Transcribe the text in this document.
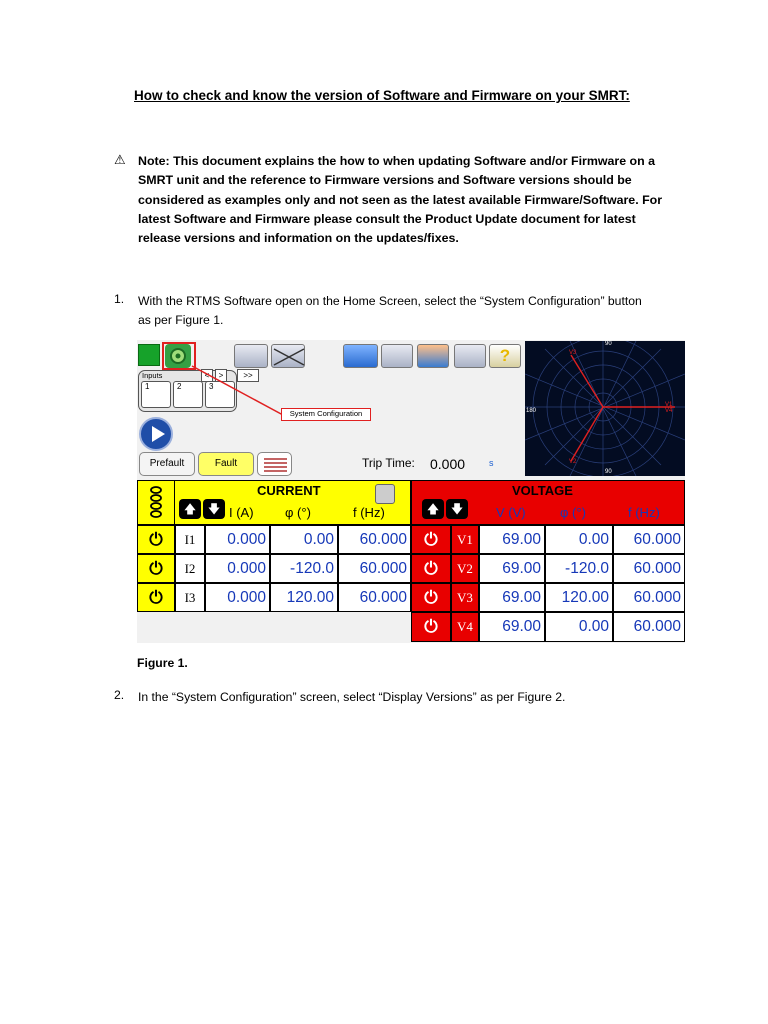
How to check and know the version of Software and Firmware on your SMRT:
⚠ Note: This document explains the how to when updating Software and/or Firmware on a SMRT unit and the reference to Firmware versions and Software versions should be considered as examples only and not seen as the latest available Firmware/Software. For latest Software and Firmware please consult the Product Update document for latest release versions and information on the updates/fixes.
1. With the RTMS Software open on the Home Screen, select the “System Configuration” button as per Figure 1.
?
Inputs
1	2	3
<	>	>>
System Configuration
Prefault	Fault	Trip Time: 0.000	s
90
180
90
V3
V2
V1
V4
CURRENT
🡅 🡇 I (A) φ (°)	f (Hz)
VOLTAGE
🡅 🡇	V (V)	φ (°)	f (Hz)
⏻	I1	0.000	0.00	60.000
⏻	I2	0.000	-120.0	60.000
⏻	I3	0.000	120.00	60.000
⏻	V1	69.00	0.00	60.000
⏻	V2	69.00	-120.0	60.000
⏻	V3	69.00	120.00	60.000
⏻	V4	69.00	0.00	60.000
Figure 1.
2. In the “System Configuration” screen, select “Display Versions” as per Figure 2.
